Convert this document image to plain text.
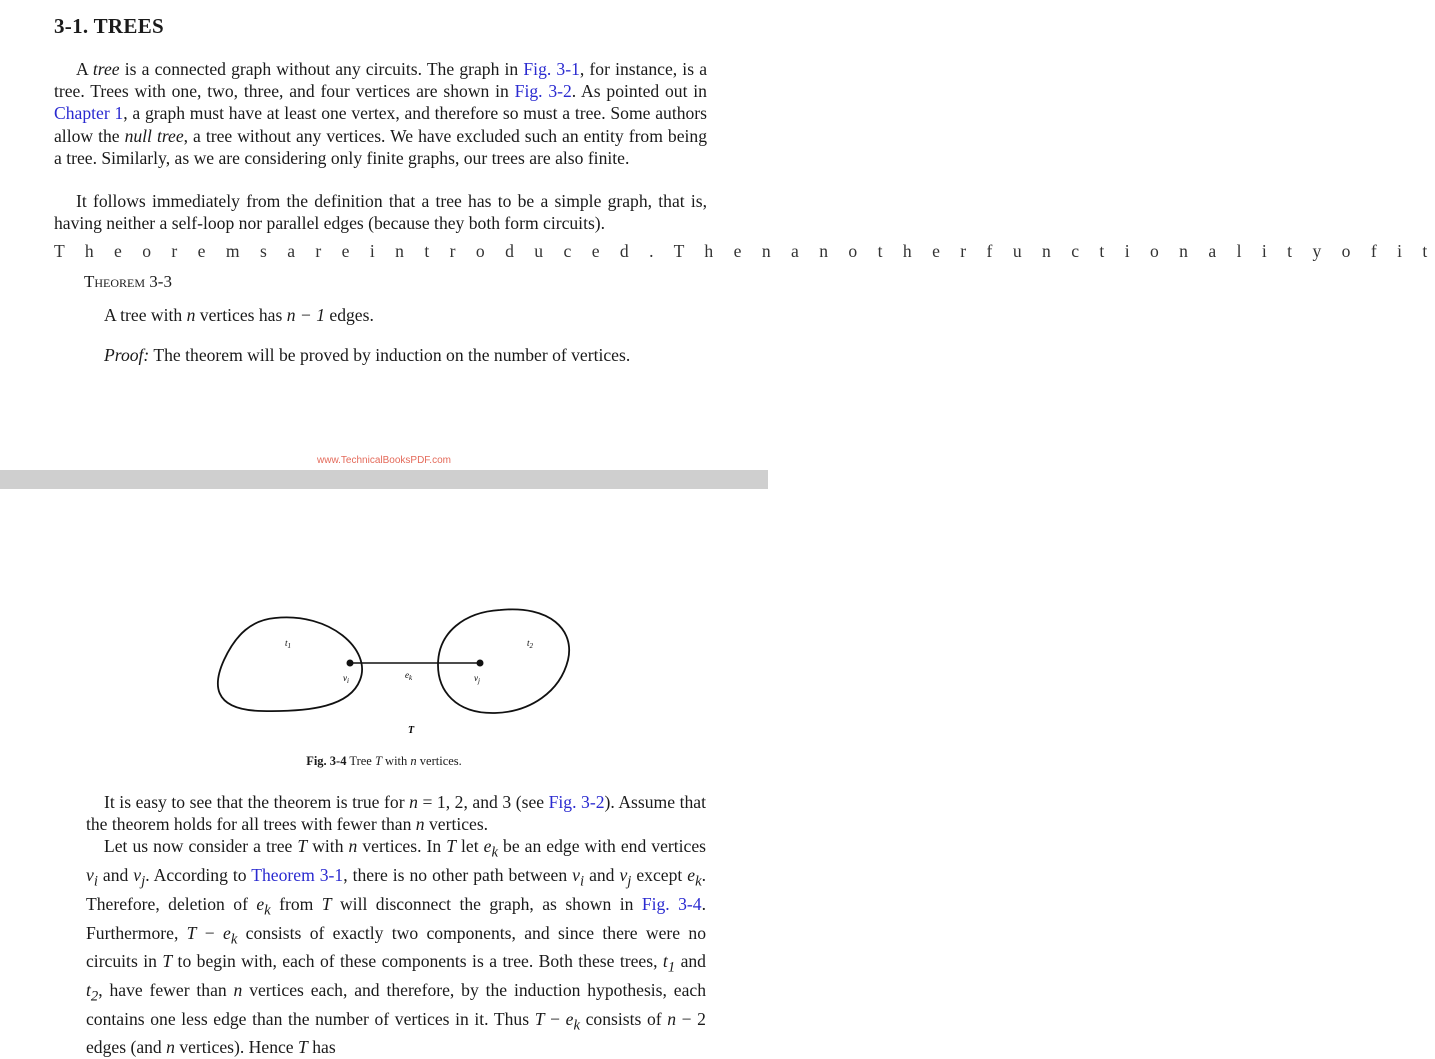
3-1. TREES

A tree is a connected graph without any circuits. The graph in Fig. 3-1, for instance, is a tree. Trees with one, two, three, and four vertices are shown in Fig. 3-2. As pointed out in Chapter 1, a graph must have at least one vertex, and therefore so must a tree. Some authors allow the null tree, a tree without any vertices. We have excluded such an entity from being a tree. Similarly, as we are considering only finite graphs, our trees are also finite.

It follows immediately from the definition that a tree has to be a simple graph, that is, having neither a self-loop nor parallel edges (because they both form circuits).

T h e o r e m s a r e i n t r o d u c e d . T h e n a n o t h e r f u n c t i o n a l i t y o f i t
Theorem 3-3
A tree with n vertices has n − 1 edges.
Proof: The theorem will be proved by induction on the number of vertices.
www.TechnicalBooksPDF.com
$t_1$	$t_2$
$v_i$	$v_j$
$e_k$
T
Fig. 3-4 Tree T with n vertices.

It is easy to see that the theorem is true for n = 1, 2, and 3 (see Fig. 3-2). Assume that the theorem holds for all trees with fewer than n vertices.

Let us now consider a tree T with n vertices. In T let $e_k$ be an edge with end vertices $v_i$ and $v_j$. According to Theorem 3-1, there is no other path between $v_i$ and $v_j$ except $e_k$. Therefore, deletion of $e_k$ from T will disconnect the graph, as shown in Fig. 3-4. Furthermore, $T - e_k$ consists of exactly two components, and since there were no circuits in T to begin with, each of these components is a tree. Both these trees, $t_1$ and $t_2$, have fewer than n vertices each, and therefore, by the induction hypothesis, each contains one less edge than the number of vertices in it. Thus $T - e_k$ consists of n − 2 edges (and n vertices). Hence T has
